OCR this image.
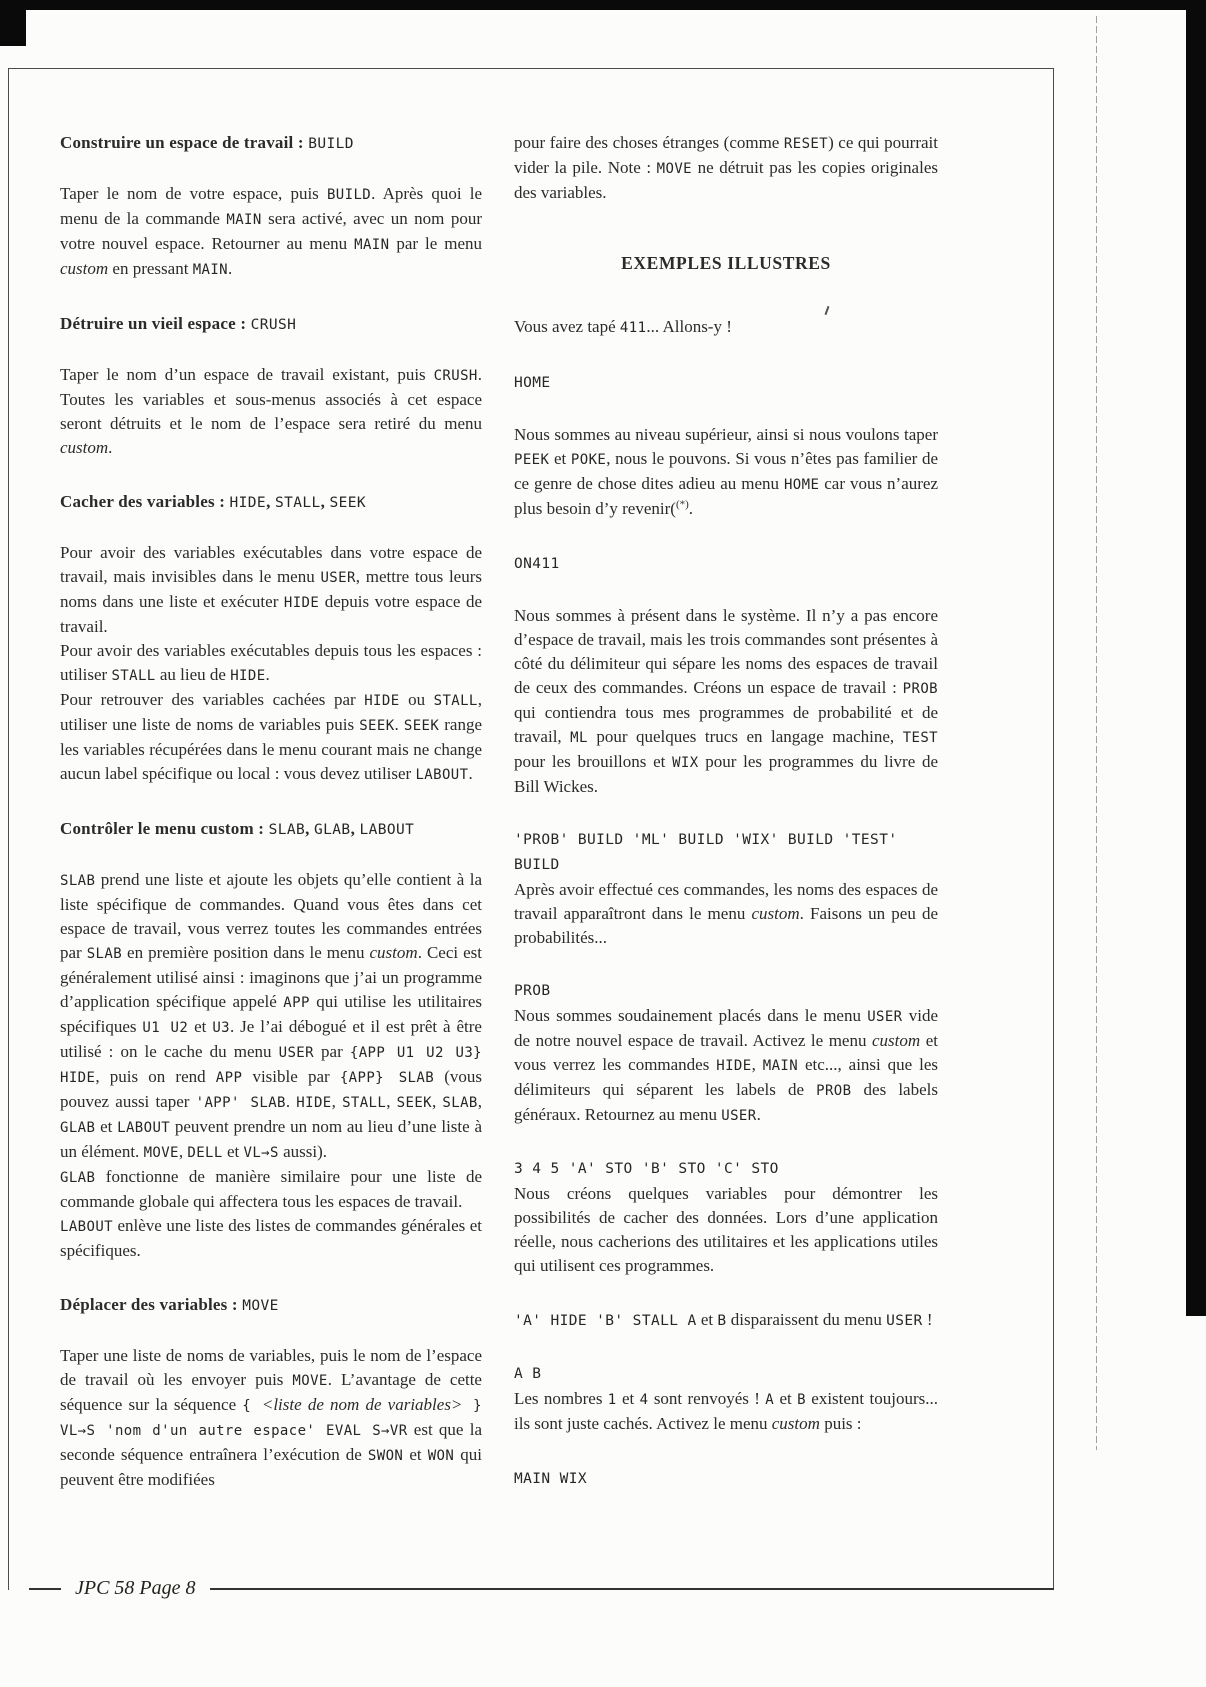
JPC 58 Page 8
Construire un espace de travail : BUILD
Taper le nom de votre espace, puis BUILD. Après quoi le menu de la commande MAIN sera activé, avec un nom pour votre nouvel espace. Retourner au menu MAIN par le menu custom en pressant MAIN.
Détruire un vieil espace : CRUSH
Taper le nom d’un espace de travail existant, puis CRUSH. Toutes les variables et sous-menus associés à cet espace seront détruits et le nom de l’espace sera retiré du menu custom.
Cacher des variables : HIDE, STALL, SEEK
Pour avoir des variables exécutables dans votre espace de travail, mais invisibles dans le menu USER, mettre tous leurs noms dans une liste et exécuter HIDE depuis votre espace de travail.
Pour avoir des variables exécutables depuis tous les espaces : utiliser STALL au lieu de HIDE.
Pour retrouver des variables cachées par HIDE ou STALL, utiliser une liste de noms de variables puis SEEK. SEEK range les variables récupérées dans le menu courant mais ne change aucun label spécifique ou local : vous devez utiliser LABOUT.
Contrôler le menu custom : SLAB, GLAB, LABOUT
SLAB prend une liste et ajoute les objets qu’elle contient à la liste spécifique de commandes. Quand vous êtes dans cet espace de travail, vous verrez toutes les commandes entrées par SLAB en première position dans le menu custom. Ceci est généralement utilisé ainsi : imaginons que j’ai un programme d’application spécifique appelé APP qui utilise les utilitaires spécifiques U1 U2 et U3. Je l’ai débogué et il est prêt à être utilisé : on le cache du menu USER par {APP U1 U2 U3} HIDE, puis on rend APP visible par {APP} SLAB (vous pouvez aussi taper 'APP' SLAB. HIDE, STALL, SEEK, SLAB, GLAB et LABOUT peuvent prendre un nom au lieu d’une liste à un élément. MOVE, DELL et VL→S aussi).
GLAB fonctionne de manière similaire pour une liste de commande globale qui affectera tous les espaces de travail.
LABOUT enlève une liste des listes de commandes générales et spécifiques.
Déplacer des variables : MOVE
Taper une liste de noms de variables, puis le nom de l’espace de travail où les envoyer puis MOVE. L’avantage de cette séquence sur la séquence { <liste de nom de variables> } VL→S 'nom d'un autre espace' EVAL S→VR est que la seconde séquence entraînera l’exécution de SWON et WON qui peuvent être modifiées
pour faire des choses étranges (comme RESET) ce qui pourrait vider la pile. Note : MOVE ne détruit pas les copies originales des variables.
EXEMPLES ILLUSTRES
Vous avez tapé 411... Allons-y !
HOME
Nous sommes au niveau supérieur, ainsi si nous voulons taper PEEK et POKE, nous le pouvons. Si vous n’êtes pas familier de ce genre de chose dites adieu au menu HOME car vous n’aurez plus besoin d’y revenir((*).
ON411
Nous sommes à présent dans le système. Il n’y a pas encore d’espace de travail, mais les trois commandes sont présentes à côté du délimiteur qui sépare les noms des espaces de travail de ceux des commandes. Créons un espace de travail : PROB qui contiendra tous mes programmes de probabilité et de travail, ML pour quelques trucs en langage machine, TEST pour les brouillons et WIX pour les programmes du livre de Bill Wickes.
'PROB' BUILD 'ML' BUILD 'WIX' BUILD 'TEST' BUILD
Après avoir effectué ces commandes, les noms des espaces de travail apparaîtront dans le menu custom. Faisons un peu de probabilités...
PROB
Nous sommes soudainement placés dans le menu USER vide de notre nouvel espace de travail. Activez le menu custom et vous verrez les commandes HIDE, MAIN etc..., ainsi que les délimiteurs qui séparent les labels de PROB des labels généraux. Retournez au menu USER.
3 4 5 'A' STO 'B' STO 'C' STO
Nous créons quelques variables pour démontrer les possibilités de cacher des données. Lors d’une application réelle, nous cacherions des utilitaires et les applications utiles qui utilisent ces programmes.
'A' HIDE 'B' STALL A et B disparaissent du menu USER !
A B
Les nombres 1 et 4 sont renvoyés ! A et B existent toujours... ils sont juste cachés. Activez le menu custom puis :
MAIN WIX
